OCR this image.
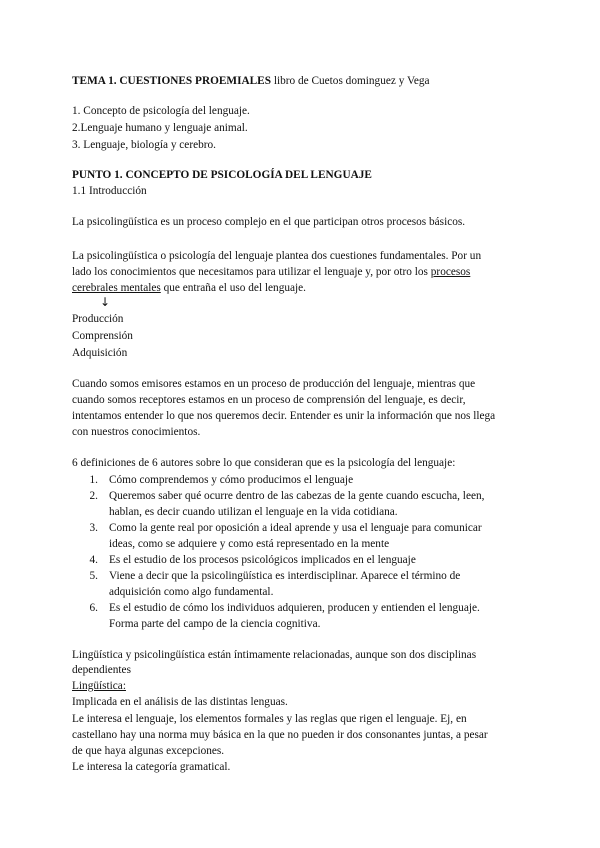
TEMA 1. CUESTIONES PROEMIALES libro de Cuetos dominguez y Vega
1. Concepto de psicología del lenguaje.
2.Lenguaje humano y lenguaje animal.
3. Lenguaje, biología y cerebro.
PUNTO 1. CONCEPTO DE PSICOLOGÍA DEL LENGUAJE
1.1 Introducción
La psicolingüística es un proceso complejo en el que participan otros procesos básicos.
La psicolingüística o psicología del lenguaje plantea dos cuestiones fundamentales. Por un
lado los conocimientos que necesitamos para utilizar el lenguaje y, por otro los procesos
cerebrales mentales que entraña el uso del lenguaje.
↓
Producción
Comprensión
Adquisición
Cuando somos emisores estamos en un proceso de producción del lenguaje, mientras que
cuando somos receptores estamos en un proceso de comprensión del lenguaje, es decir,
intentamos entender lo que nos queremos decir. Entender es unir la información que nos llega
con nuestros conocimientos.
6 definiciones de 6 autores sobre lo que consideran que es la psicología del lenguaje:
1. Cómo comprendemos y cómo producimos el lenguaje
2. Queremos saber qué ocurre dentro de las cabezas de la gente cuando escucha, leen,
hablan, es decir cuando utilizan el lenguaje en la vida cotidiana.
3. Como la gente real por oposición a ideal aprende y usa el lenguaje para comunicar
ideas, como se adquiere y como está representado en la mente
4. Es el estudio de los procesos psicológicos implicados en el lenguaje
5. Viene a decir que la psicolingüística es interdisciplinar. Aparece el término de
adquisición como algo fundamental.
6. Es el estudio de cómo los individuos adquieren, producen y entienden el lenguaje.
Forma parte del campo de la ciencia cognitiva.
Lingüística y psicolingüística están íntimamente relacionadas, aunque son dos disciplinas
dependientes
Lingüística:
Implicada en el análisis de las distintas lenguas.
Le interesa el lenguaje, los elementos formales y las reglas que rigen el lenguaje. Ej, en
castellano hay una norma muy básica en la que no pueden ir dos consonantes juntas, a pesar
de que haya algunas excepciones.
Le interesa la categoría gramatical.
